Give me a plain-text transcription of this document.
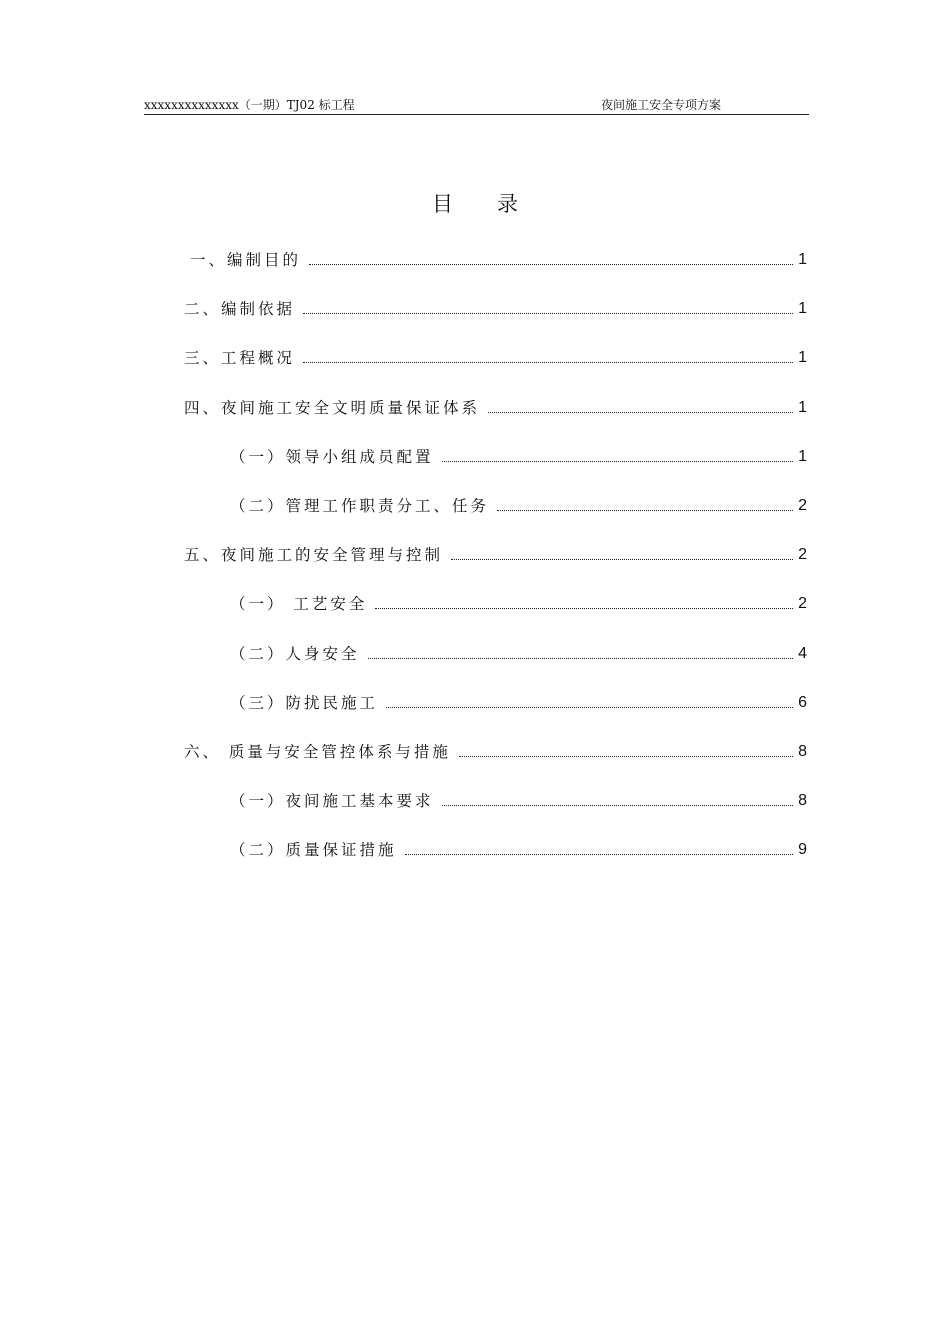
xxxxxxxxxxxxxx（一期）TJ02 标工程	夜间施工安全专项方案
目 录
一、编制目的	1
二、编制依据	1
三、工程概况	1
四、夜间施工安全文明质量保证体系	1
（一）领导小组成员配置	1
（二）管理工作职责分工、任务	2
五、夜间施工的安全管理与控制	2
（一） 工艺安全	2
（二）人身安全	4
（三）防扰民施工	6
六、 质量与安全管控体系与措施	8
（一）夜间施工基本要求	8
（二）质量保证措施	9
